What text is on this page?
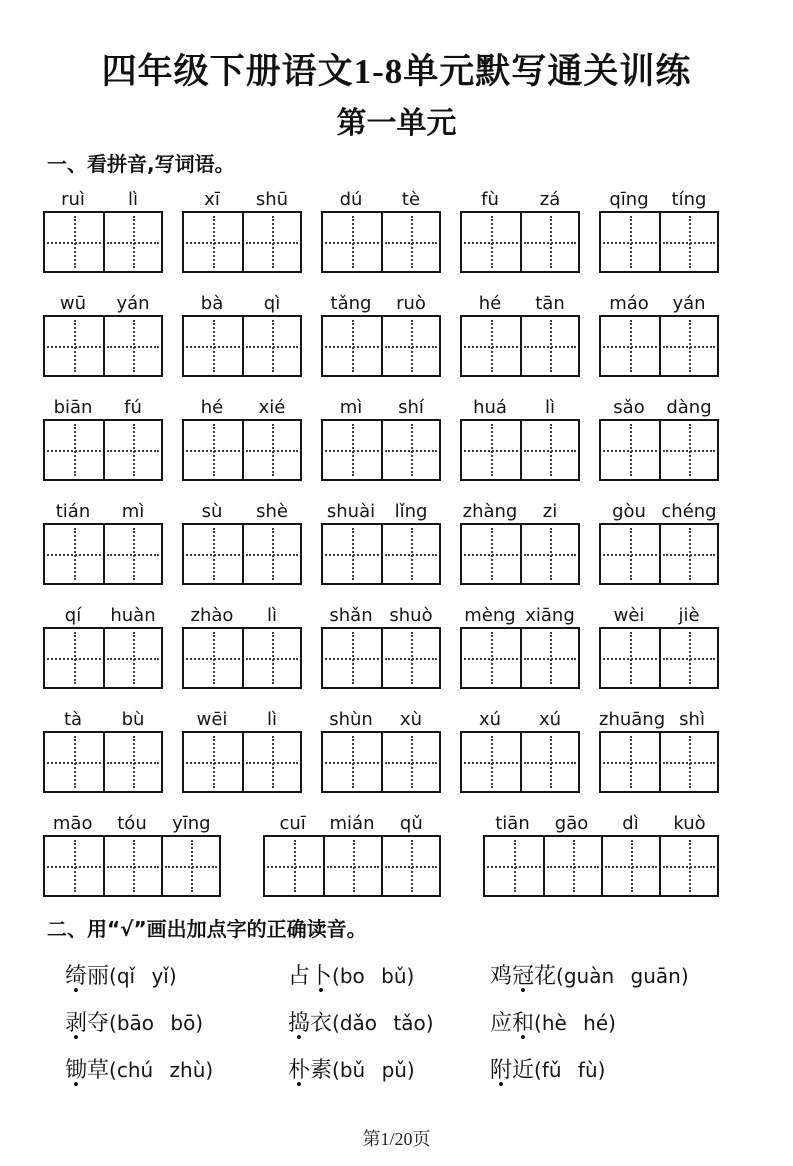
四年级下册语文1-8单元默写通关训练
第一单元
一、看拼音,写词语。
ruì	lì	xī	shū	dú	tè	fù	zá	qīng	tíng
wū	yán	bà	qì	tǎng	ruò	hé	tān	máo	yán
biān	fú	hé	xié	mì	shí	huá	lì	sǎo	dàng
tián	mì	sù	shè	shuài	lǐng	zhàng	zi	gòu chéng
qí	huàn	zhào	lì	shǎn shuò	mèng xiāng	wèi	jiè
tà	bù	wēi	lì	shùn	xù	xú	xú	zhuāng shì
māo	tóu	yīng	cuī	mián	qǔ	tiān	gāo	dì	kuò
二、用“√”画出加点字的正确读音。
绮丽(qǐ  yǐ)	占卜(bo  bǔ)	鸡冠花(guàn  guān)
剥夺(bāo  bō)	捣衣(dǎo  tǎo)	应和(hè  hé)
锄草(chú  zhù)	朴素(bǔ  pǔ)	附近(fǔ  fù)
第1/20页
